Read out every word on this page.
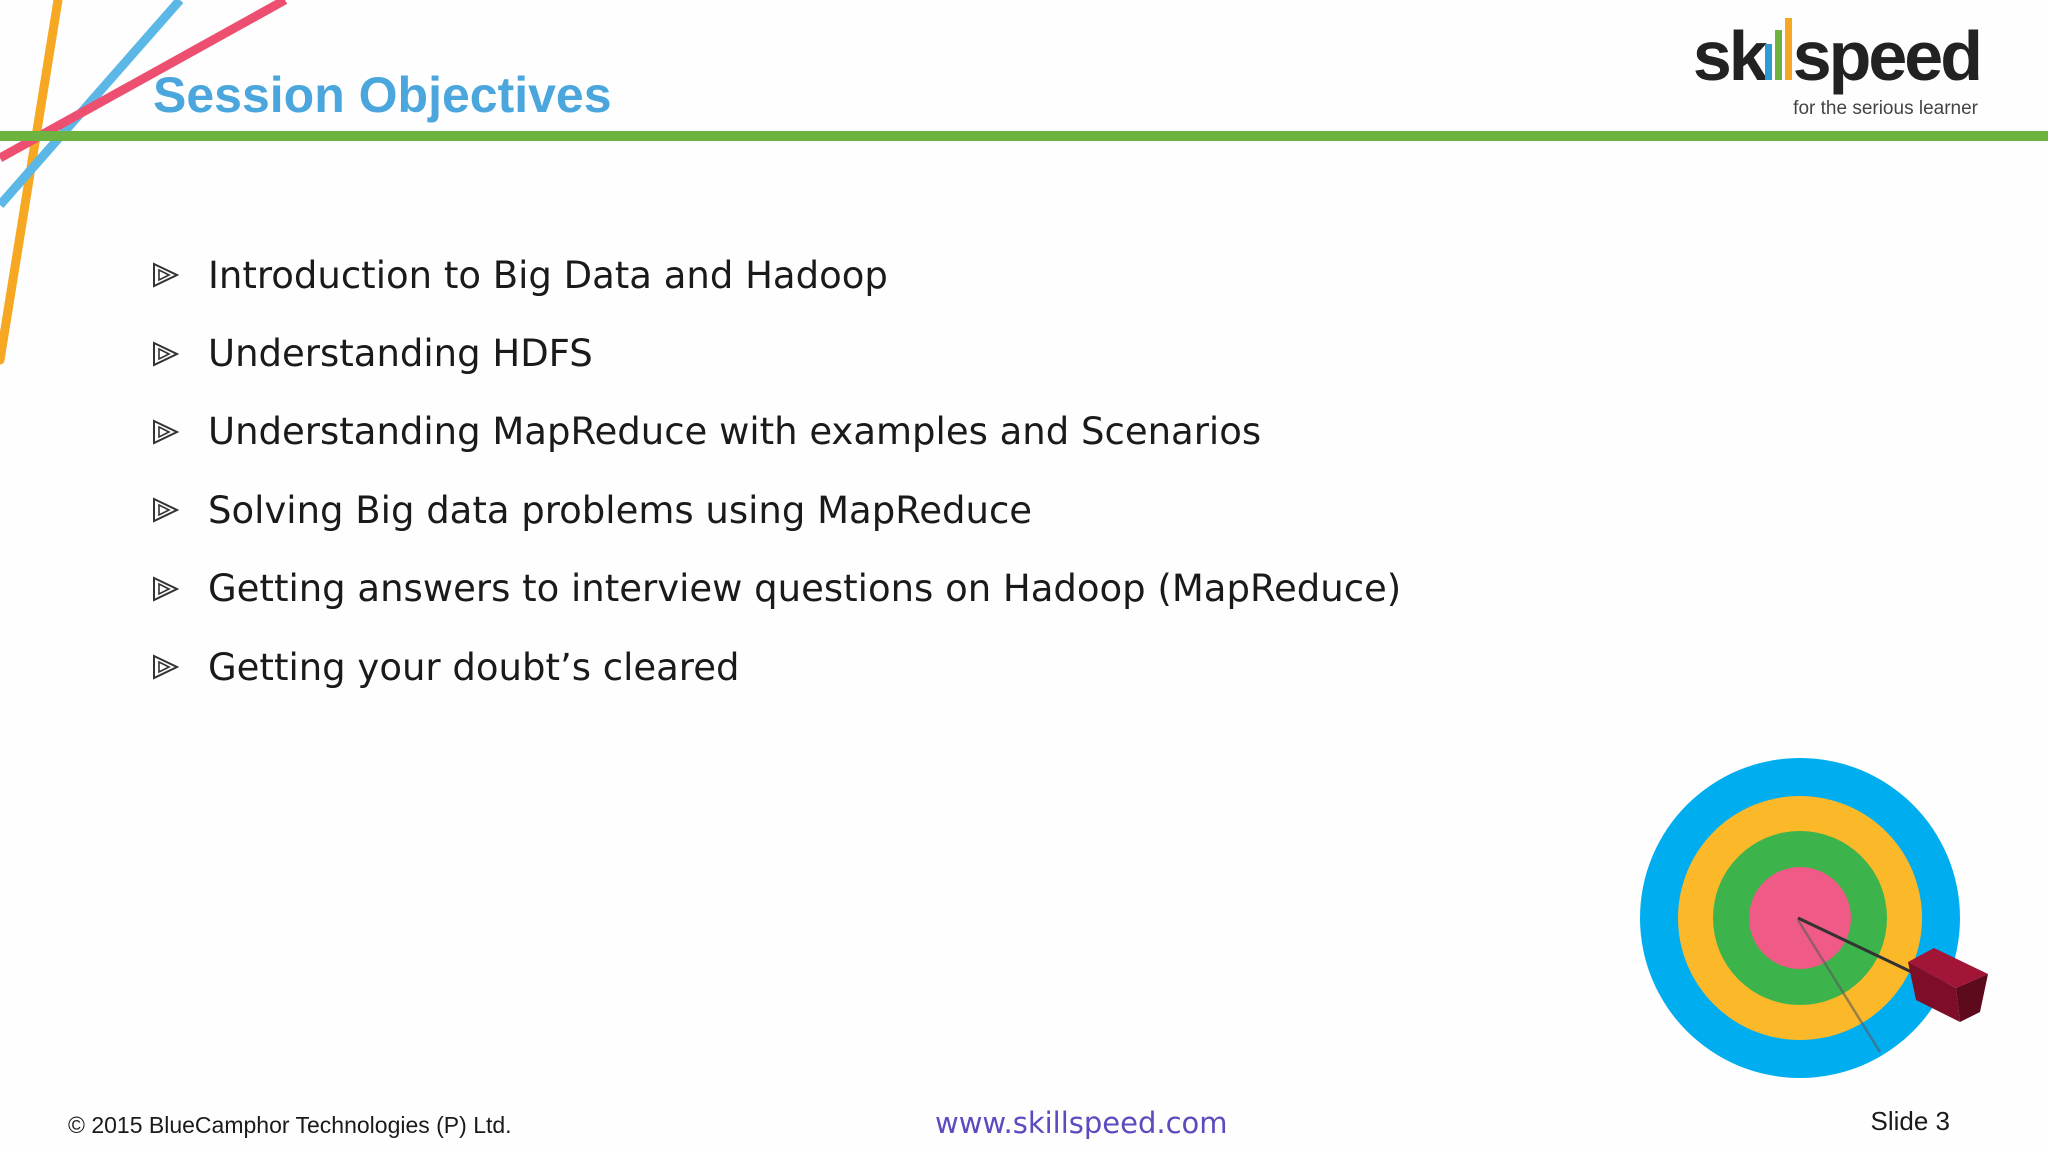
Session Objectives	sk speed
for the serious learner
Introduction to Big Data and Hadoop
Understanding HDFS
Understanding MapReduce with examples and Scenarios
Solving Big data problems using MapReduce
Getting answers to interview questions on Hadoop (MapReduce)
Getting your doubt’s cleared
© 2015 BlueCamphor Technologies (P) Ltd.	www.skillspeed.com	Slide 3
